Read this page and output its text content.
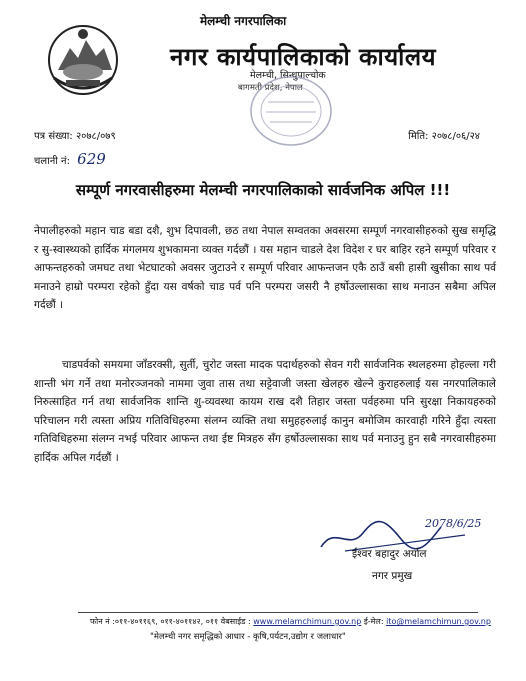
मेलम्ची नगरपालिका
नगर कार्यपालिकाको कार्यालय
मेलम्ची, सिन्धुपाल्चोक
बागमती प्रदेश, नेपाल
पत्र संख्या: २०७८/०७९
चलानी नं: 629
मिति: २०७८/०६/२४
सम्पूर्ण नगरवासीहरुमा मेलम्ची नगरपालिकाको सार्वजनिक अपिल !!!
नेपालीहरुको महान चाड बडा दशै, शुभ दिपावली, छठ तथा नेपाल सम्वतका अवसरमा सम्पूर्ण नगरवासीहरुको सुख समृद्धि र सु-स्वास्थ्यको हार्दिक मंगलमय शुभकामना व्यक्त गर्दछौं । यस महान चाडले देश विदेश र घर बाहिर रहने सम्पूर्ण परिवार र आफन्तहरुको जमघट तथा भेटघाटको अवसर जुटाउने र सम्पूर्ण परिवार आफन्तजन एकै ठाउँ बसी हासी खुसीका साथ पर्व मनाउने हाम्रो परम्परा रहेको हुँदा यस वर्षको चाड पर्व पनि परम्परा जसरी नै हर्षोउल्लासका साथ मनाउन सबैमा अपिल गर्दछौं ।
चाडपर्वको समयमा जाँडरक्सी, सुर्ती, चुरोट जस्ता मादक पदार्थहरुको सेवन गरी सार्वजनिक स्थलहरुमा होहल्ला गरी शान्ती भंग गर्ने तथा मनोरञ्जनको नाममा जुवा तास तथा सट्टेवाजी जस्ता खेलहरु खेल्ने कुराहरुलाई यस नगरपालिकाले निरुत्साहित गर्न तथा सार्वजनिक शान्ति शु-व्यवस्था कायम राख दशै तिहार जस्ता पर्वहरुमा पनि सुरक्षा निकायहरुको परिचालन गरी त्यस्ता अप्रिय गतिविधिहरुमा संलग्न व्यक्ति तथा समुहहरुलाई कानुन बमोजिम कारवाही गरिने हुँदा त्यस्ता गतिविधिहरुमा संलग्न नभई परिवार आफन्त तथा ईष्ट मित्रहरु सँग हर्षोउल्लासका साथ पर्व मनाउनु हुन सबै नगरवासीहरुमा हार्दिक अपिल गर्दछौं ।
2078/6/25
ईश्वर बहादुर अर्याल
नगर प्रमुख
फोन नं :०११-४०११६९, ०११-४०११४२, ०११ वेबसाईड : www.melamchimun.gov.np ई-मेल: ito@melamchimun.gov.np
"मेलम्ची नगर समृद्धिको आधार - कृषि,पर्यटन,उद्योग र जलाधार"
